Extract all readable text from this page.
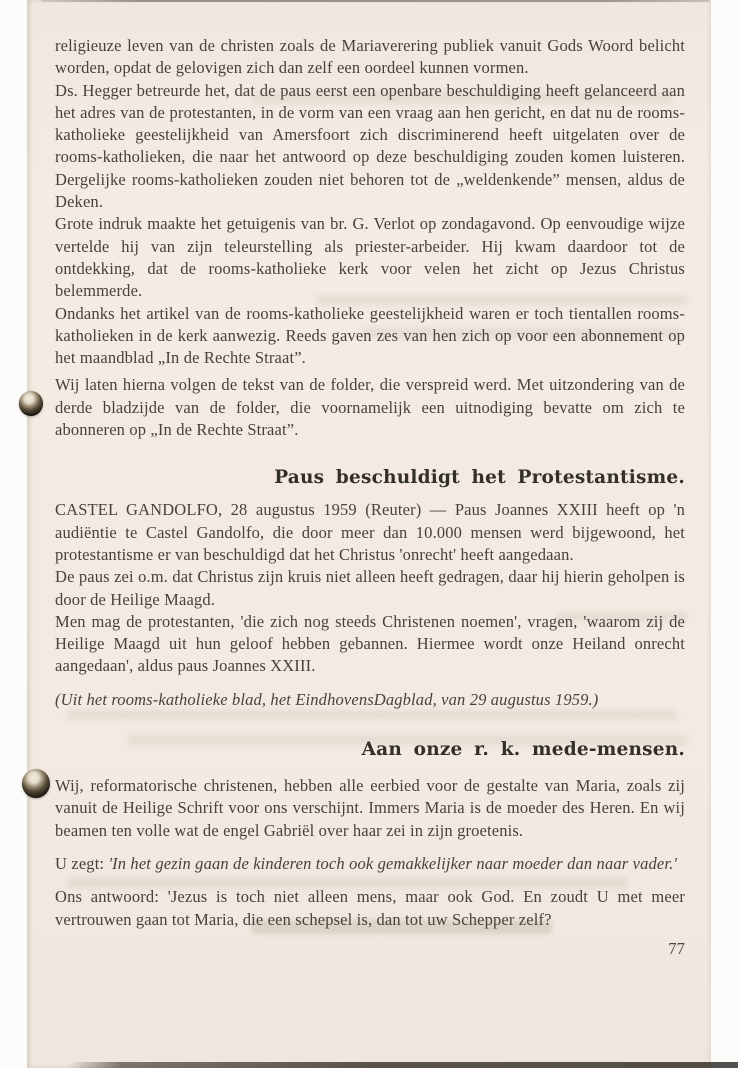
religieuze leven van de christen zoals de Mariaverering publiek vanuit Gods Woord belicht worden, opdat de gelovigen zich dan zelf een oordeel kunnen vormen.

Ds. Hegger betreurde het, dat de paus eerst een openbare beschuldiging heeft gelanceerd aan het adres van de protestanten, in de vorm van een vraag aan hen gericht, en dat nu de rooms-katholieke geestelijkheid van Amersfoort zich discriminerend heeft uitgelaten over de rooms-katholieken, die naar het antwoord op deze beschuldiging zouden komen luisteren. Dergelijke rooms-katholieken zouden niet behoren tot de „weldenkende” mensen, aldus de Deken.

Grote indruk maakte het getuigenis van br. G. Verlot op zondagavond. Op eenvoudige wijze vertelde hij van zijn teleurstelling als priester-arbeider. Hij kwam daardoor tot de ontdekking, dat de rooms-katholieke kerk voor velen het zicht op Jezus Christus belemmerde.

Ondanks het artikel van de rooms-katholieke geestelijkheid waren er toch tientallen rooms-katholieken in de kerk aanwezig. Reeds gaven zes van hen zich op voor een abonnement op het maandblad „In de Rechte Straat”.

Wij laten hierna volgen de tekst van de folder, die verspreid werd. Met uitzondering van de derde bladzijde van de folder, die voornamelijk een uitnodiging bevatte om zich te abonneren op „In de Rechte Straat”.

Paus beschuldigt het Protestantisme.

CASTEL GANDOLFO, 28 augustus 1959 (Reuter) — Paus Joannes XXIII heeft op 'n audiëntie te Castel Gandolfo, die door meer dan 10.000 mensen werd bijgewoond, het protestantisme er van beschuldigd dat het Christus 'onrecht' heeft aangedaan.

De paus zei o.m. dat Christus zijn kruis niet alleen heeft gedragen, daar hij hierin geholpen is door de Heilige Maagd.

Men mag de protestanten, 'die zich nog steeds Christenen noemen', vragen, 'waarom zij de Heilige Maagd uit hun geloof hebben gebannen. Hiermee wordt onze Heiland onrecht aangedaan', aldus paus Joannes XXIII.

(Uit het rooms-katholieke blad, het EindhovensDagblad, van 29 augustus 1959.)

Aan onze r. k. mede-mensen.

Wij, reformatorische christenen, hebben alle eerbied voor de gestalte van Maria, zoals zij vanuit de Heilige Schrift voor ons verschijnt. Immers Maria is de moeder des Heren. En wij beamen ten volle wat de engel Gabriël over haar zei in zijn groetenis.

U zegt: 'In het gezin gaan de kinderen toch ook gemakkelijker naar moeder dan naar vader.'

Ons antwoord: 'Jezus is toch niet alleen mens, maar ook God. En zoudt U met meer vertrouwen gaan tot Maria, die een schepsel is, dan tot uw Schepper zelf?

77
